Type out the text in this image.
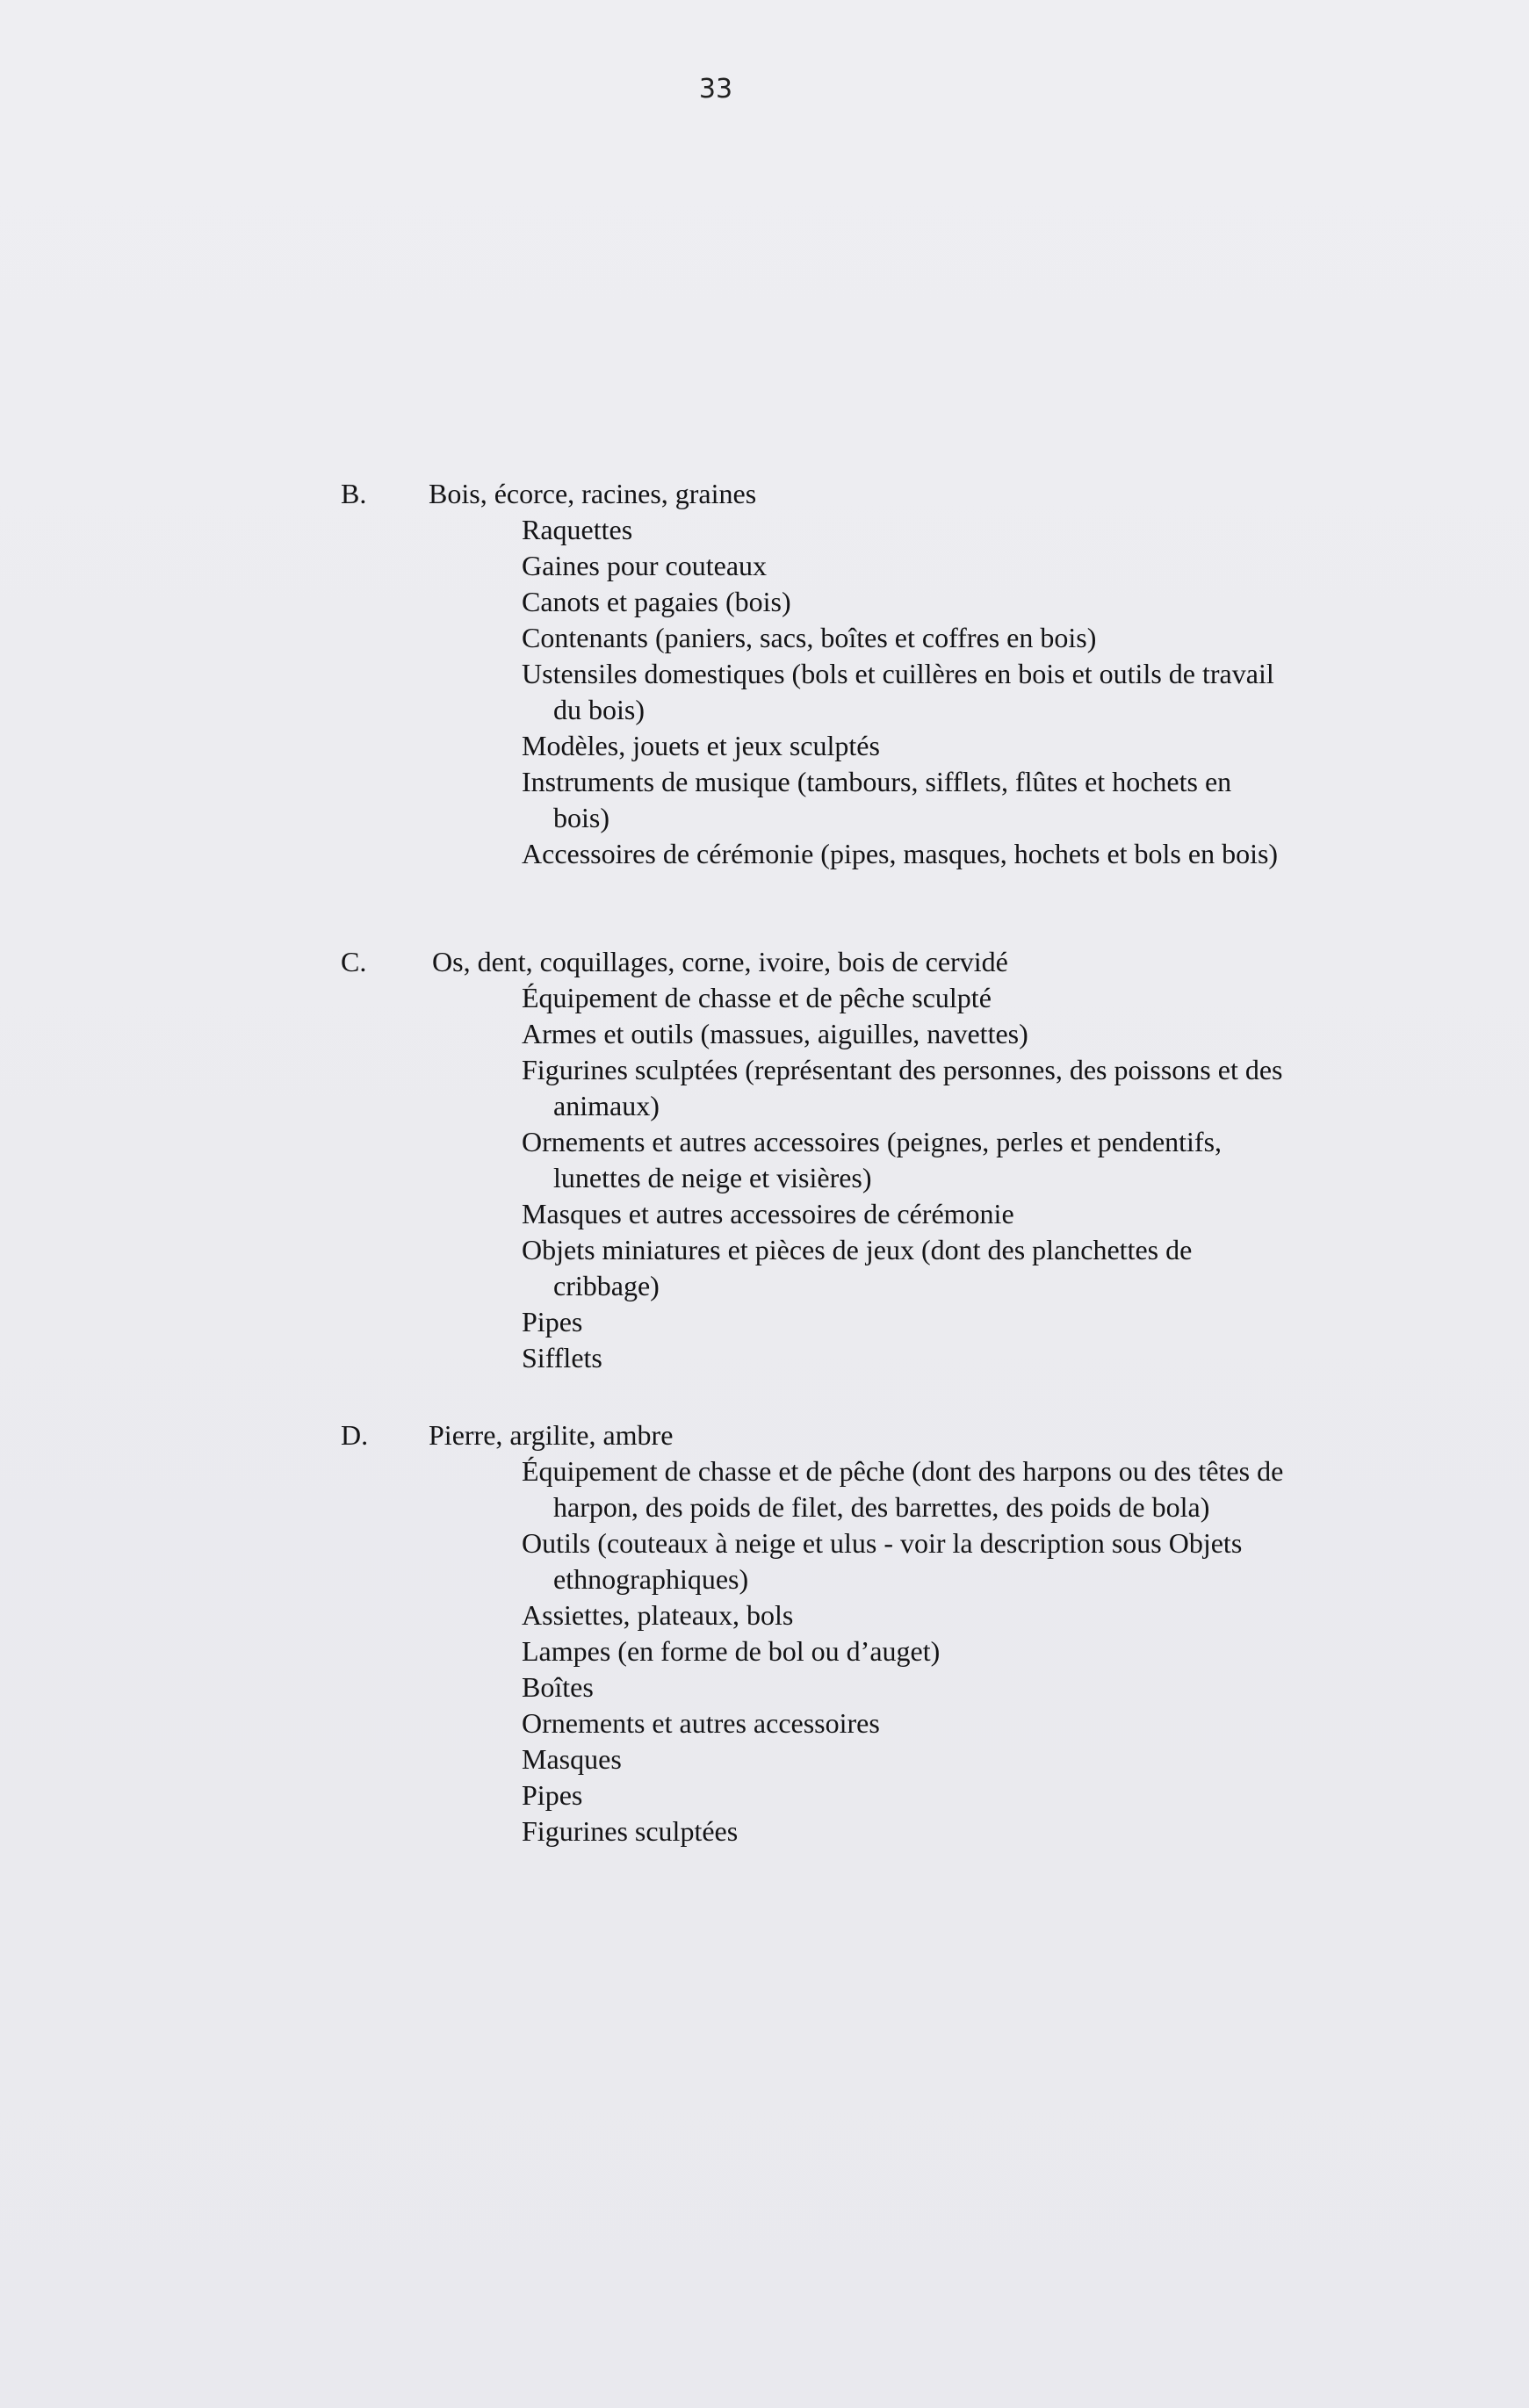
33
B. Bois, écorce, racines, graines
Raquettes
Gaines pour couteaux
Canots et pagaies (bois)
Contenants (paniers, sacs, boîtes et coffres en bois)
Ustensiles domestiques (bols et cuillères en bois et outils de travail du bois)
Modèles, jouets et jeux sculptés
Instruments de musique (tambours, sifflets, flûtes et hochets en bois)
Accessoires de cérémonie (pipes, masques, hochets et bols en bois)
C. Os, dent, coquillages, corne, ivoire, bois de cervidé
Équipement de chasse et de pêche sculpté
Armes et outils (massues, aiguilles, navettes)
Figurines sculptées (représentant des personnes, des poissons et des animaux)
Ornements et autres accessoires (peignes, perles et pendentifs, lunettes de neige et visières)
Masques et autres accessoires de cérémonie
Objets miniatures et pièces de jeux (dont des planchettes de cribbage)
Pipes
Sifflets
D. Pierre, argilite, ambre
Équipement de chasse et de pêche (dont des harpons ou des têtes de harpon, des poids de filet, des barrettes, des poids de bola)
Outils (couteaux à neige et ulus - voir la description sous Objets ethnographiques)
Assiettes, plateaux, bols
Lampes (en forme de bol ou d’auget)
Boîtes
Ornements et autres accessoires
Masques
Pipes
Figurines sculptées
